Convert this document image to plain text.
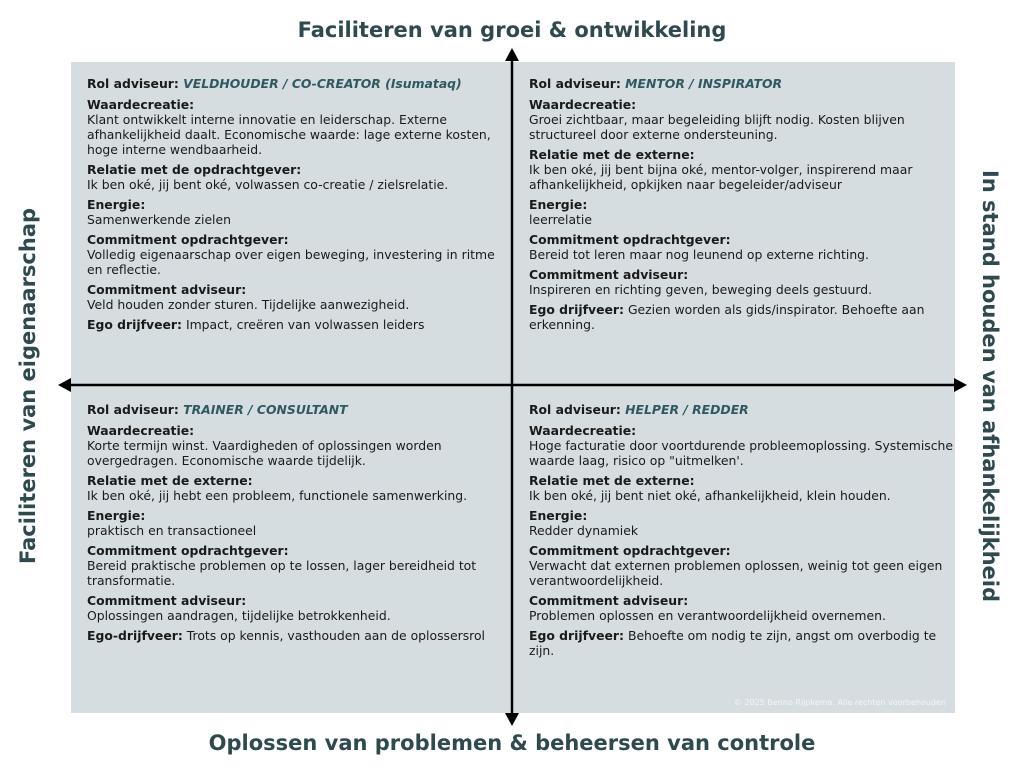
Faciliteren van groei & ontwikkeling
Oplossen van problemen & beheersen van controle
Faciliteren van eigenaarschap	In stand houden van afhankelijkheid
Rol adviseur: VELDHOUDER / CO-CREATOR (Isumataq)
Waardecreatie:
Klant ontwikkelt interne innovatie en leiderschap. Externe afhankelijkheid daalt. Economische waarde: lage externe kosten, hoge interne wendbaarheid.
Relatie met de opdrachtgever:
Ik ben oké, jij bent oké, volwassen co-creatie / zielsrelatie.
Energie:
Samenwerkende zielen
Commitment opdrachtgever:
Volledig eigenaarschap over eigen beweging, investering in ritme en reflectie.
Commitment adviseur:
Veld houden zonder sturen. Tijdelijke aanwezigheid.
Ego drijfveer: Impact, creëren van volwassen leiders
Rol adviseur: MENTOR / INSPIRATOR
Waardecreatie:
Groei zichtbaar, maar begeleiding blijft nodig. Kosten blijven structureel door externe ondersteuning.
Relatie met de externe:
Ik ben oké, jij bent bijna oké, mentor-volger, inspirerend maar afhankelijkheid, opkijken naar begeleider/adviseur
Energie:
leerrelatie
Commitment opdrachtgever:
Bereid tot leren maar nog leunend op externe richting.
Commitment adviseur:
Inspireren en richting geven, beweging deels gestuurd.
Ego drijfveer: Gezien worden als gids/inspirator. Behoefte aan erkenning.
Rol adviseur: TRAINER / CONSULTANT
Waardecreatie:
Korte termijn winst. Vaardigheden of oplossingen worden overgedragen. Economische waarde tijdelijk.
Relatie met de externe:
Ik ben oké, jij hebt een probleem, functionele samenwerking.
Energie:
praktisch en transactioneel
Commitment opdrachtgever:
Bereid praktische problemen op te lossen, lager bereidheid tot transformatie.
Commitment adviseur:
Oplossingen aandragen, tijdelijke betrokkenheid.
Ego-drijfveer: Trots op kennis, vasthouden aan de oplossersrol
Rol adviseur: HELPER / REDDER
Waardecreatie:
Hoge facturatie door voortdurende probleemoplossing. Systemische waarde laag, risico op "uitmelken'.
Relatie met de externe:
Ik ben oké, jij bent niet oké, afhankelijkheid, klein houden.
Energie:
Redder dynamiek
Commitment opdrachtgever:
Verwacht dat externen problemen oplossen, weinig tot geen eigen verantwoordelijkheid.
Commitment adviseur:
Problemen oplossen en verantwoordelijkheid overnemen.
Ego drijfveer: Behoefte om nodig te zijn, angst om overbodig te zijn.
© 2025 Benno Rijpkema. Alle rechten voorbehouden
